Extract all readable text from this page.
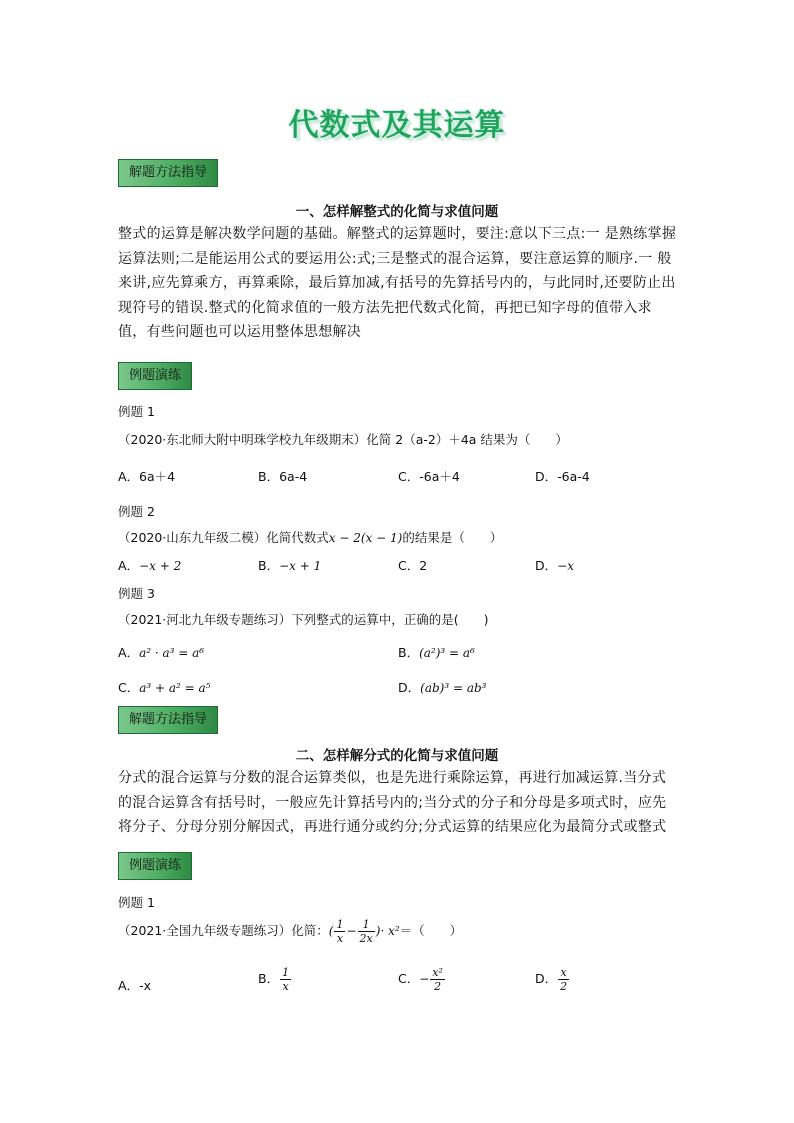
代数式及其运算
解题方法指导
一、怎样解整式的化简与求值问题
整式的运算是解决数学问题的基础。解整式的运算题时，要注:意以下三点:一 是熟练掌握运算法则;二是能运用公式的要运用公:式;三是整式的混合运算，要注意运算的顺序.一 般来讲,应先算乘方，再算乘除，最后算加减,有括号的先算括号内的，与此同时,还要防止出现符号的错误.整式的化简求值的一般方法先把代数式化简，再把已知字母的值带入求值，有些问题也可以运用整体思想解决
例题演练
例题 1
（2020·东北师大附中明珠学校九年级期末）化简 2（a-2）＋4a 结果为（　　）
A．6a＋4	B．6a-4	C．-6a＋4	D．-6a-4
例题 2
（2020·山东九年级二模）化简代数式x − 2(x − 1)的结果是（　　）
A．−x + 2	B．−x + 1	C．2	D．−x
例题 3
（2021·河北九年级专题练习）下列整式的运算中，正确的是(　　)
A．a² · a³ = a⁶	B．(a²)³ = a⁶
C．a³ + a² = a⁵	D．(ab)³ = ab³
解题方法指导
二、怎样解分式的化简与求值问题
分式的混合运算与分数的混合运算类似，也是先进行乘除运算，再进行加减运算.当分式的混合运算含有括号时，一般应先计算括号内的;当分式的分子和分母是多项式时，应先将分子、分母分别分解因式，再进行通分或约分;分式运算的结果应化为最简分式或整式
例题演练
例题 1
（2021·全国九年级专题练习）化简：( $\frac{1}{x} - \frac{1}{2x}$ )· x²＝（　　）
A．-x	B． $\frac{1}{x}$	C．− $\frac{\text{x²}}{2}$	D． $\frac{x}{2}$
